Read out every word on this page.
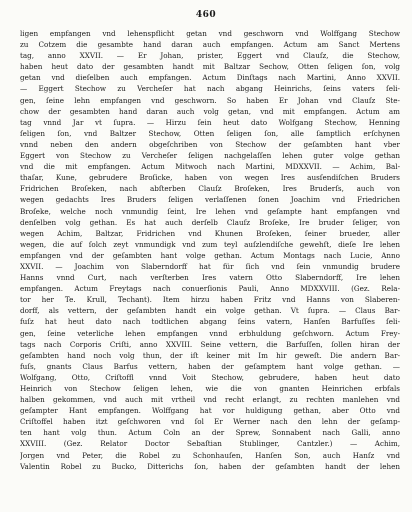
460
ligen empfangen vnd lehenspflicht getan vnd geschworn vnd Wolffgang Stechow
zu Cotzem die gesambte hand daran auch empfangen. Actum am Sanct Mertens
tag, anno XXVII. — Er Johan, prister, Eggert vnd Clauſz, die Stechow,
haben heut dato der gesambten handt mit Baltzar Sechow, Otten ſeligen ſon, volg
getan vnd dieſelben auch empfangen. Actum Dinſtags nach Martini, Anno XXVII.
— Eggert Stechow zu Vercheſer hat nach abgang Heinrichs, ſeins vaters ſeli-
gen, ſeine lehn empfangen vnd geschworn. So haben Er Johan vnd Clauſz Ste-
chow der gesambten hand daran auch volg getan, vnd mit empfangen. Actum am
tag vnnd Jar vt ſupra. — Hirzu ſein heut dato Wolfgang Stechow, Henning
ſeligen ſon, vnd Baltzer Stechow, Otten ſeligen ſon, alle ſamptlich erſchynen
vnnd neben den andern obgeſchriben von Stechow der geſambten hant vber
Eggert von Stechow zu Vercheſer ſeligen nachgelaſſen lehen guter volge gethan
vnd die mit empfangen. Actum Mitwoch nach Martini, MDXXVII. — Achim, Bal-
thaſar, Kune, gebrudere Broſicke, haben von wegen Ires ausſendiſchen Bruders
Fridrichen Broſeken, nach abſterben Clauſz Broſeken, Ires Bruderſs, auch von
wegen gedachts Ires Bruders ſeligen verlaſſenen ſonen Joachim vnd Friedrichen
Broſeke, welche noch vnmundig ſeint, Ire lehen vnd geſampte hant empfangen vnd
denſelben volg gethan. Es hat auch derſelb Clauſz Broſeke, Ire bruder ſeliger, von
wegen Achim, Baltzar, Fridrichen vnd Khunen Broſeken, ſeiner brueder, aller
wegen, die auf ſolch zeyt vnmundigk vnd zum teyl auſzlendiſche gewehſt, dieſe Ire lehen
empfangen vnd der geſambten hant volge gethan. Actum Montags nach Lucie, Anno
XXVII. — Joachim von Slaberndorff hat für ſich vnd ſein vnmundig brudere
Hanns vnnd Curt, nach verſterben Ires vatern Otto Slaberndorff, Ire lehen
empfangen. Actum Freytags nach conuerſionis Pauli, Anno MDXXVIII. (Gez. Rela-
tor her Te. Krull, Techant). Item hirzu haben Fritz vnd Hanns von Slaberen-
dorff, als vettern, der geſambten handt ein volge gethan. Vt ſupra. — Claus Bar-
fuſz hat heut dato nach todtlichen abgang ſeins vatern, Hanſen Barfuſſes ſeli-
gen, ſeine veterliche lehen empfangen vnnd erbhuldung geſchworn. Actum Frey-
tags nach Corporis Criſti, anno XXVIII. Seine vettern, die Barfuſſen, ſollen hiran der
geſambten hand noch volg thun, der iſt keiner mit Im hir geweſt. Die andern Bar-
fuſs, gnants Claus Barfus vettern, haben der geſamptem hant volge gethan. —
Wolfgang, Otto, Criſtoffl vnnd Voit Stechow, gebrudere, haben heut dato
Heinrich von Stechow ſeligen lehen, wie die von gnanten Heinrichen erbfals
halben gekommen, vnd auch mit vrtheil vnd recht erlangt, zu rechten manlehen vnd
geſampter Hant empfangen. Wolffgang hat vor huldigung gethan, aber Otto vnd
Criſtoffel haben itzt geſchworen vnd ſol Er Werner nach den lehn der geſamp-
ten hant volg thun. Actum Coln an der Sprew, Sonnabent nach Galli, anno
XXVIII. (Gez. Relator Doctor Sebaſtian Stublinger, Cantzler.) — Achim,
Jorgen vnd Peter, die Robel zu Schonhauſen, Hanſen Son, auch Hanſz vnd
Valentin Robel zu Bucko, Ditterichs ſon, haben der geſambten handt der lehen
